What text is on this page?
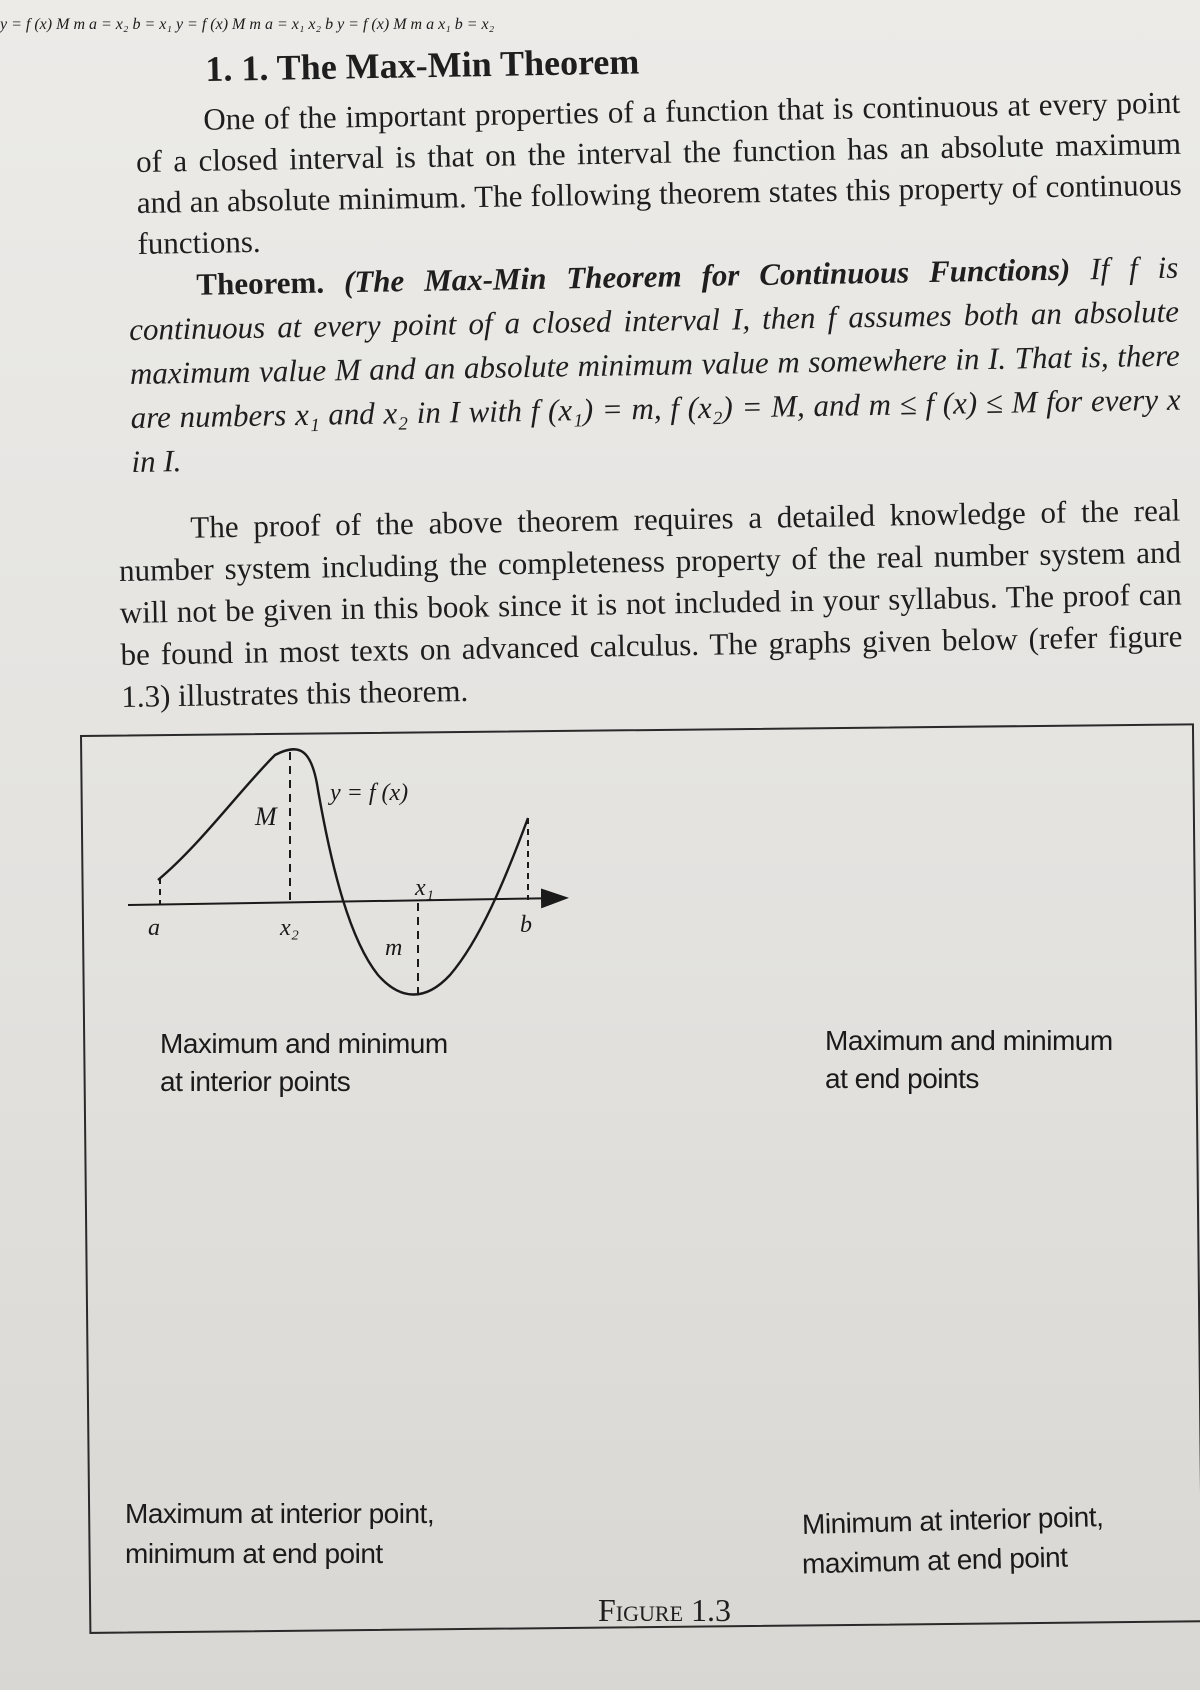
1. 1. The Max-Min Theorem

One of the important properties of a function that is continuous at every point of a closed interval is that on the interval the function has an absolute maximum and an absolute minimum. The following theorem states this property of continuous functions.

Theorem. (The Max-Min Theorem for Continuous Functions) If f is continuous at every point of a closed interval I, then f assumes both an absolute maximum value M and an absolute minimum value m somewhere in I. That is, there are numbers x₁ and x₂ in I with f (x₁) = m, f (x₂) = M, and m ≤ f (x) ≤ M for every x in I.

The proof of the above theorem requires a detailed knowledge of the real number system including the completeness property of the real number system and will not be given in this book since it is not included in your syllabus. The proof can be found in most texts on advanced calculus. The graphs given below (refer figure 1.3) illustrates this theorem.

y = f (x)
M
a	x₂
x₁
m
b

y = f (x) M m a = x₂ b = x₁ y = f (x) M m a = x₁ x₂ b y = f (x) M m a x₁ b = x₂

Maximum and minimum

at interior points

Maximum and minimum

at end points

Maximum at interior point,

minimum at end point

Minimum at interior point,

maximum at end point

Figure 1.3
